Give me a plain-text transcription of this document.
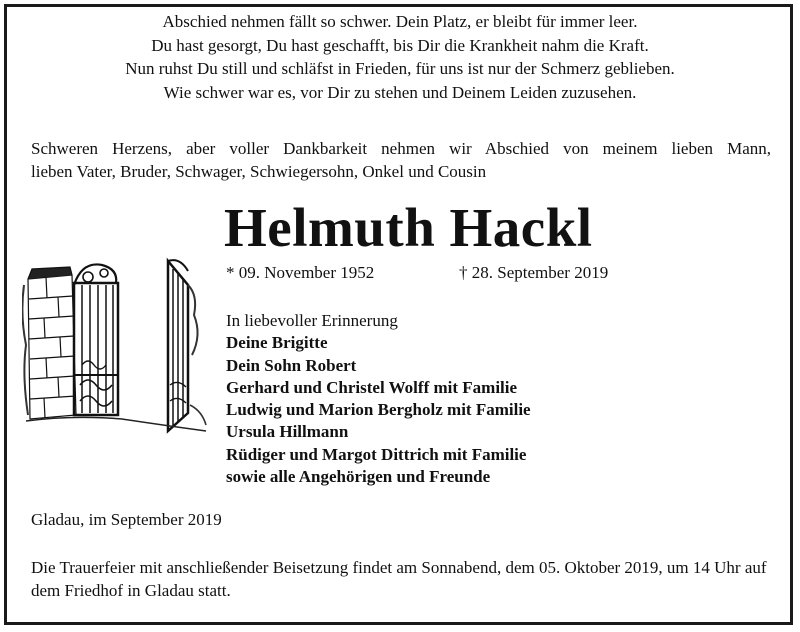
Abschied nehmen fällt so schwer. Dein Platz, er bleibt für immer leer.
Du hast gesorgt, Du hast geschafft, bis Dir die Krankheit nahm die Kraft.
Nun ruhst Du still und schläfst in Frieden, für uns ist nur der Schmerz geblieben.
Wie schwer war es, vor Dir zu stehen und Deinem Leiden zuzusehen.
Schweren Herzens, aber voller Dankbarkeit nehmen wir Abschied von meinem lieben Mann,
lieben Vater, Bruder, Schwager, Schwiegersohn, Onkel und Cousin
Helmuth Hackl
* 09. November 1952	† 28. September 2019
In liebevoller Erinnerung
Deine Brigitte
Dein Sohn Robert
Gerhard und Christel Wolff mit Familie
Ludwig und Marion Bergholz mit Familie
Ursula Hillmann
Rüdiger und Margot Dittrich mit Familie
sowie alle Angehörigen und Freunde
Gladau, im September 2019
Die Trauerfeier mit anschließender Beisetzung findet am Sonnabend, dem 05. Oktober 2019, um 14 Uhr auf dem Friedhof in Gladau statt.
